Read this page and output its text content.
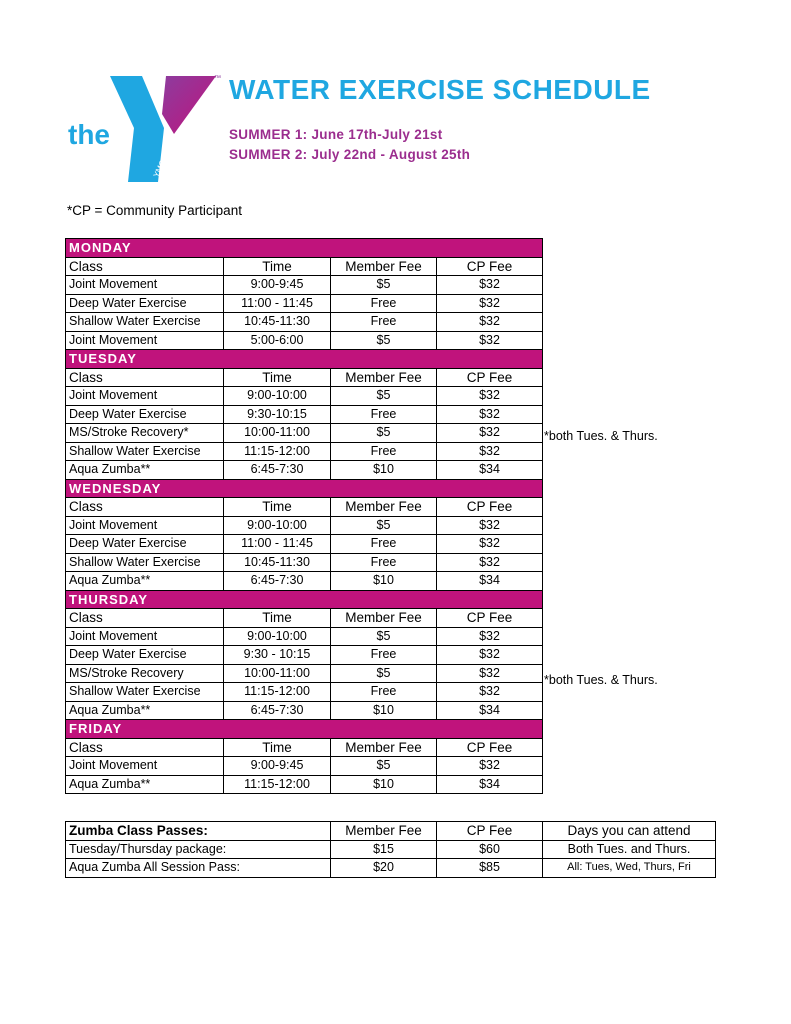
the
YMCA
™ WATER EXERCISE SCHEDULE
SUMMER 1: June 17th-July 21st
SUMMER 2: July 22nd - August 25th
*CP = Community Participant
MONDAY			
Class	Time	Member Fee	CP Fee
Joint Movement	9:00-9:45	$5	$32
Deep Water Exercise	11:00 - 11:45	Free	$32
Shallow Water Exercise	10:45-11:30	Free	$32
Joint Movement	5:00-6:00	$5	$32
TUESDAY			
Class	Time	Member Fee	CP Fee
Joint Movement	9:00-10:00	$5	$32
Deep Water Exercise	9:30-10:15	Free	$32
MS/Stroke Recovery*	10:00-11:00	$5	$32
Shallow Water Exercise	11:15-12:00	Free	$32
Aqua Zumba**	6:45-7:30	$10	$34
WEDNESDAY			
Class	Time	Member Fee	CP Fee
Joint Movement	9:00-10:00	$5	$32
Deep Water Exercise	11:00 - 11:45	Free	$32
Shallow Water Exercise	10:45-11:30	Free	$32
Aqua Zumba**	6:45-7:30	$10	$34
THURSDAY			
Class	Time	Member Fee	CP Fee
Joint Movement	9:00-10:00	$5	$32
Deep Water Exercise	9:30 - 10:15	Free	$32
MS/Stroke Recovery	10:00-11:00	$5	$32
Shallow Water Exercise	11:15-12:00	Free	$32
Aqua Zumba**	6:45-7:30	$10	$34
FRIDAY			
Class	Time	Member Fee	CP Fee
Joint Movement	9:00-9:45	$5	$32
Aqua Zumba**	11:15-12:00	$10	$34
*both Tues. & Thurs.
*both Tues. & Thurs.
Zumba Class Passes:	Member Fee	CP Fee	Days you can attend
Tuesday/Thursday package:	$15	$60	Both Tues. and Thurs.
Aqua Zumba All Session Pass:	$20	$85	All: Tues, Wed, Thurs, Fri
